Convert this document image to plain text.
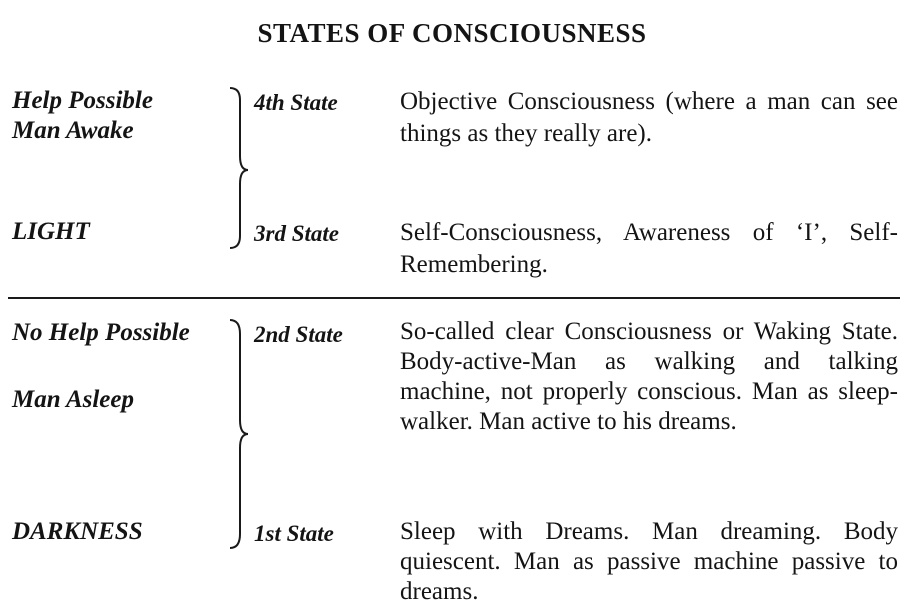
STATES OF CONSCIOUSNESS
Help Possible
Man Awake
LIGHT
4th State Objective Consciousness (where a man can see things as they really are).
3rd State Self-Consciousness, Awareness of ‘I’, Self-Remembering.
No Help Possible
Man Asleep
DARKNESS
2nd State So-called clear Consciousness or Waking State. Body-active-Man as walking and talking machine, not properly conscious. Man as sleep-walker. Man active to his dreams.
1st State	Sleep with Dreams. Man dreaming. Body quiescent. Man as passive machine passive to dreams.
